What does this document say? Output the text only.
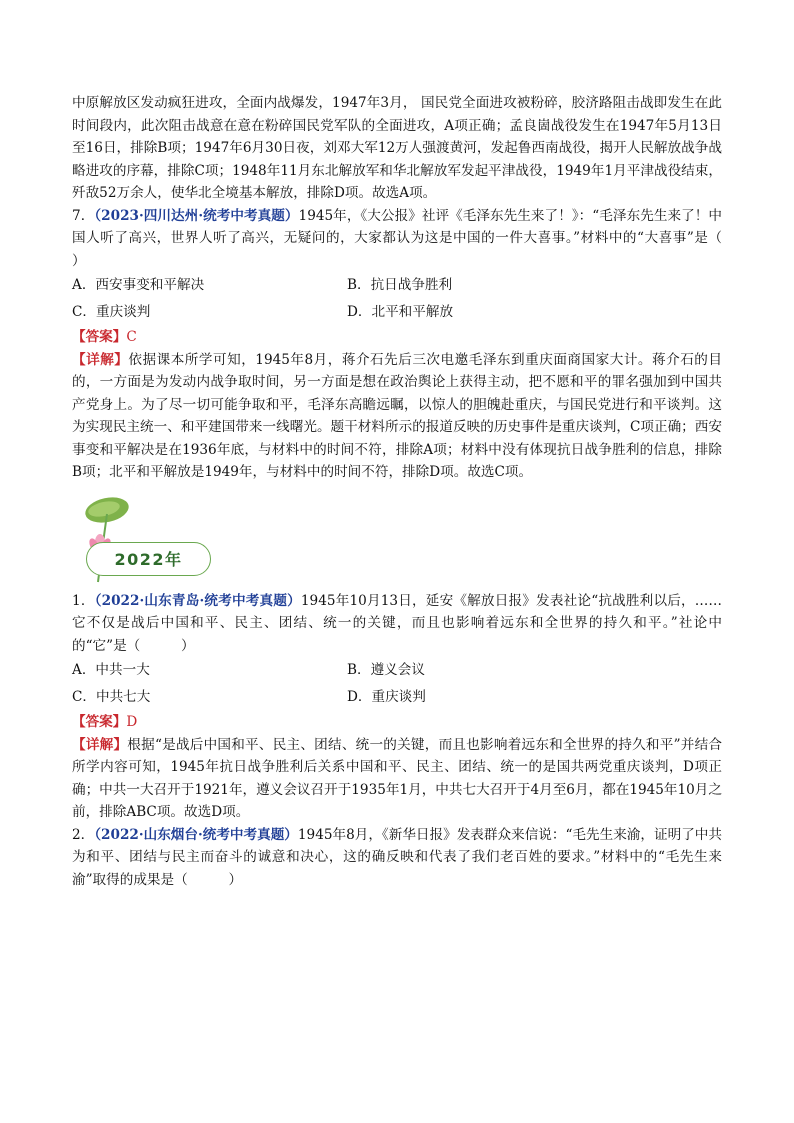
中原解放区发动疯狂进攻，全面内战爆发，1947年3月， 国民党全面进攻被粉碎，胶济路阻击战即发生在此时间段内，此次阻击战意在意在粉碎国民党军队的全面进攻，A项正确；孟良崮战役发生在1947年5月13日至16日，排除B项；1947年6月30日夜，刘邓大军12万人强渡黄河，发起鲁西南战役，揭开人民解放战争战略进攻的序幕，排除C项；1948年11月东北解放军和华北解放军发起平津战役，1949年1月平津战役结束，歼敌52万余人，使华北全境基本解放，排除D项。故选A项。

7．（2023·四川达州·统考中考真题）1945年，《大公报》社评《毛泽东先生来了！》：“毛泽东先生来了！中国人听了高兴，世界人听了高兴，无疑问的，大家都认为这是中国的一件大喜事。”材料中的“大喜事”是（　　　）

A．西安事变和平解决	B．抗日战争胜利
C．重庆谈判	D．北平和平解放

【答案】C

【详解】依据课本所学可知，1945年8月，蒋介石先后三次电邀毛泽东到重庆面商国家大计。蒋介石的目的，一方面是为发动内战争取时间，另一方面是想在政治舆论上获得主动，把不愿和平的罪名强加到中国共产党身上。为了尽一切可能争取和平，毛泽东高瞻远瞩，以惊人的胆魄赴重庆，与国民党进行和平谈判。这为实现民主统一、和平建国带来一线曙光。题干材料所示的报道反映的历史事件是重庆谈判，C项正确；西安事变和平解决是在1936年底，与材料中的时间不符，排除A项；材料中没有体现抗日战争胜利的信息，排除B项；北平和平解放是1949年，与材料中的时间不符，排除D项。故选C项。

2022年

1．（2022·山东青岛·统考中考真题）1945年10月13日，延安《解放日报》发表社论“抗战胜利以后，……它不仅是战后中国和平、民主、团结、统一的关键，而且也影响着远东和全世界的持久和平。”社论中的“它”是（　　　）

A．中共一大	B．遵义会议
C．中共七大	D．重庆谈判

【答案】D

【详解】根据“是战后中国和平、民主、团结、统一的关键，而且也影响着远东和全世界的持久和平”并结合所学内容可知，1945年抗日战争胜利后关系中国和平、民主、团结、统一的是国共两党重庆谈判，D项正确；中共一大召开于1921年，遵义会议召开于1935年1月，中共七大召开于4月至6月，都在1945年10月之前，排除ABC项。故选D项。

2．（2022·山东烟台·统考中考真题）1945年8月，《新华日报》发表群众来信说：“毛先生来渝，证明了中共为和平、团结与民主而奋斗的诚意和决心，这的确反映和代表了我们老百姓的要求。”材料中的“毛先生来渝”取得的成果是（　　　）
